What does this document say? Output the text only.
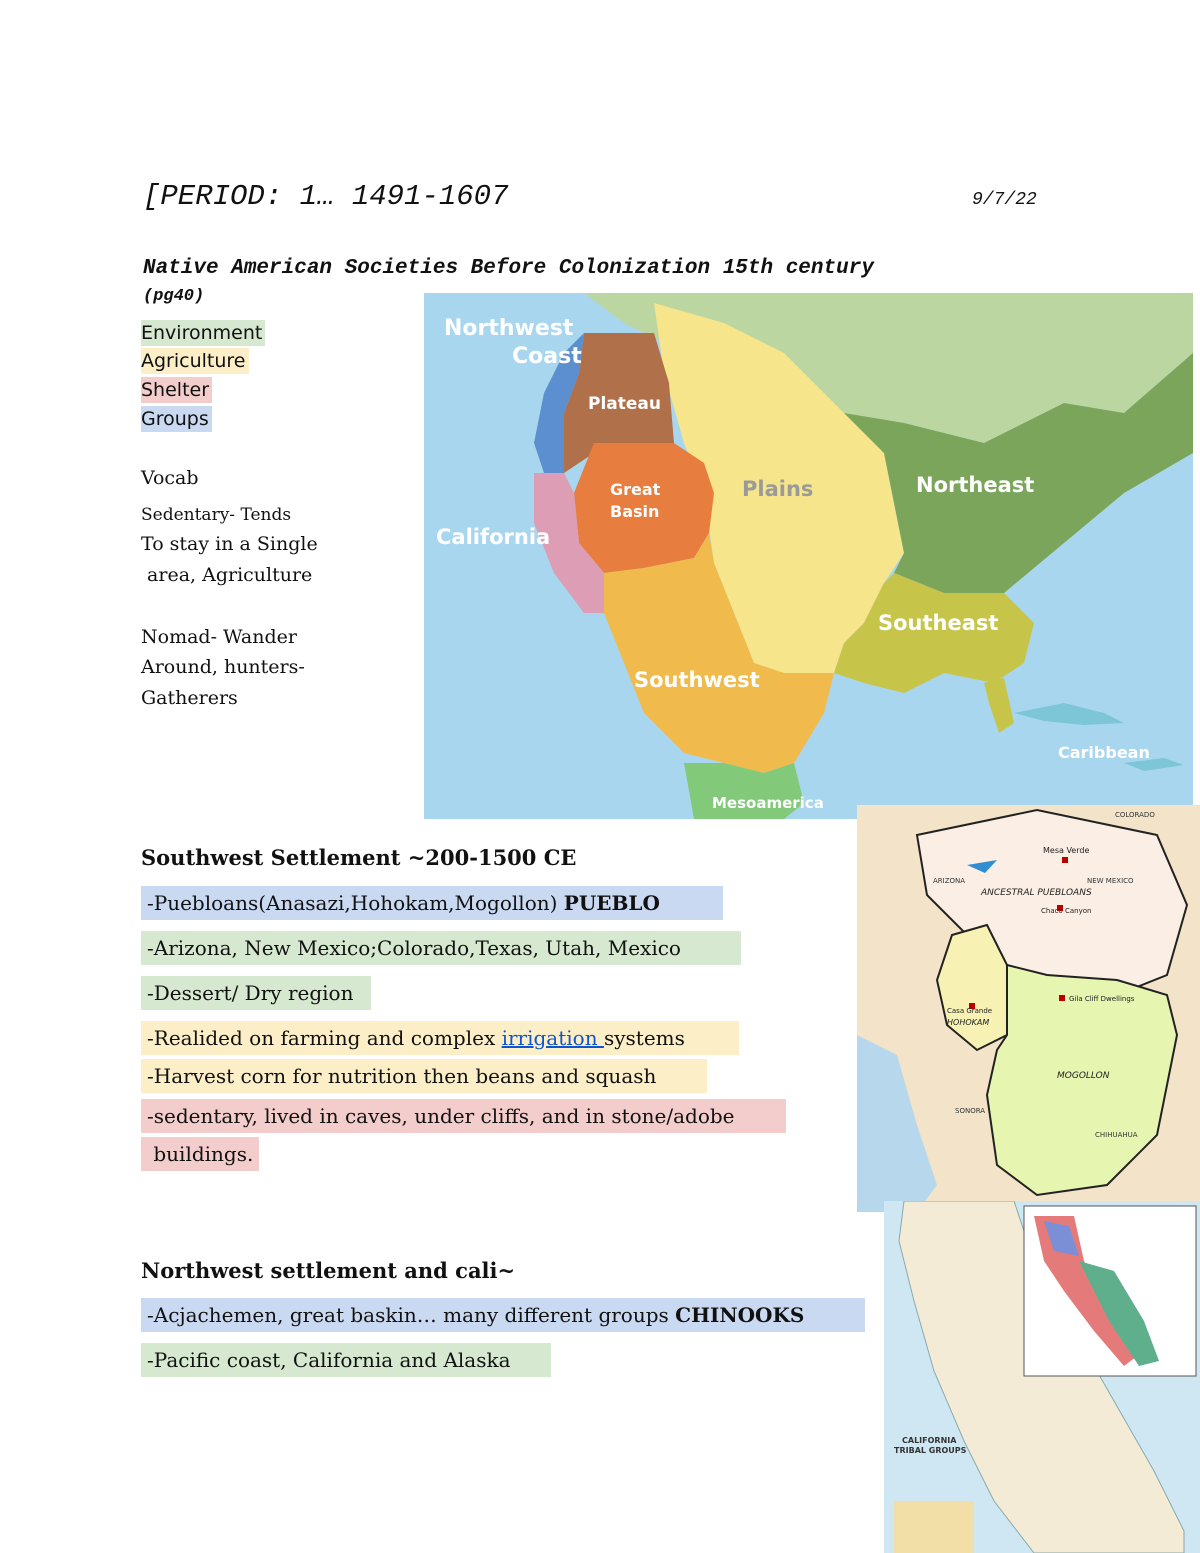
[PERIOD: 1… 1491-1607	9/7/22
Native American Societies Before Colonization 15th century
(pg40)
Environment
Agriculture
Shelter
Groups
Vocab
Sedentary- Tends
To stay in a Single
area, Agriculture
Nomad- Wander
Around, hunters-
Gatherers
Northwest
Coast
Plateau
Great
Basin
Plains	Northeast
California
Southeast
Southwest
Caribbean
Mesoamerica
COLORADO
ARIZONA	NEW MEXICO
Mesa Verde
ANCESTRAL PUEBLOANS
Chaco Canyon
Casa Grande
HOHOKAM
Gila Cliff Dwellings
MOGOLLON
SONORA
CHIHUAHUA
CALIFORNIA
TRIBAL GROUPS
Southwest Settlement ~200-1500 CE
-Puebloans(Anasazi,Hohokam,Mogollon) PUEBLO
-Arizona, New Mexico;Colorado,Texas, Utah, Mexico
-Dessert/ Dry region
-Realided on farming and complex irrigation systems
-Harvest corn for nutrition then beans and squash
-sedentary, lived in caves, under cliffs, and in stone/adobe
buildings.
Northwest settlement and cali~
-Acjachemen, great baskin… many different groups CHINOOKS
-Pacific coast, California and Alaska
